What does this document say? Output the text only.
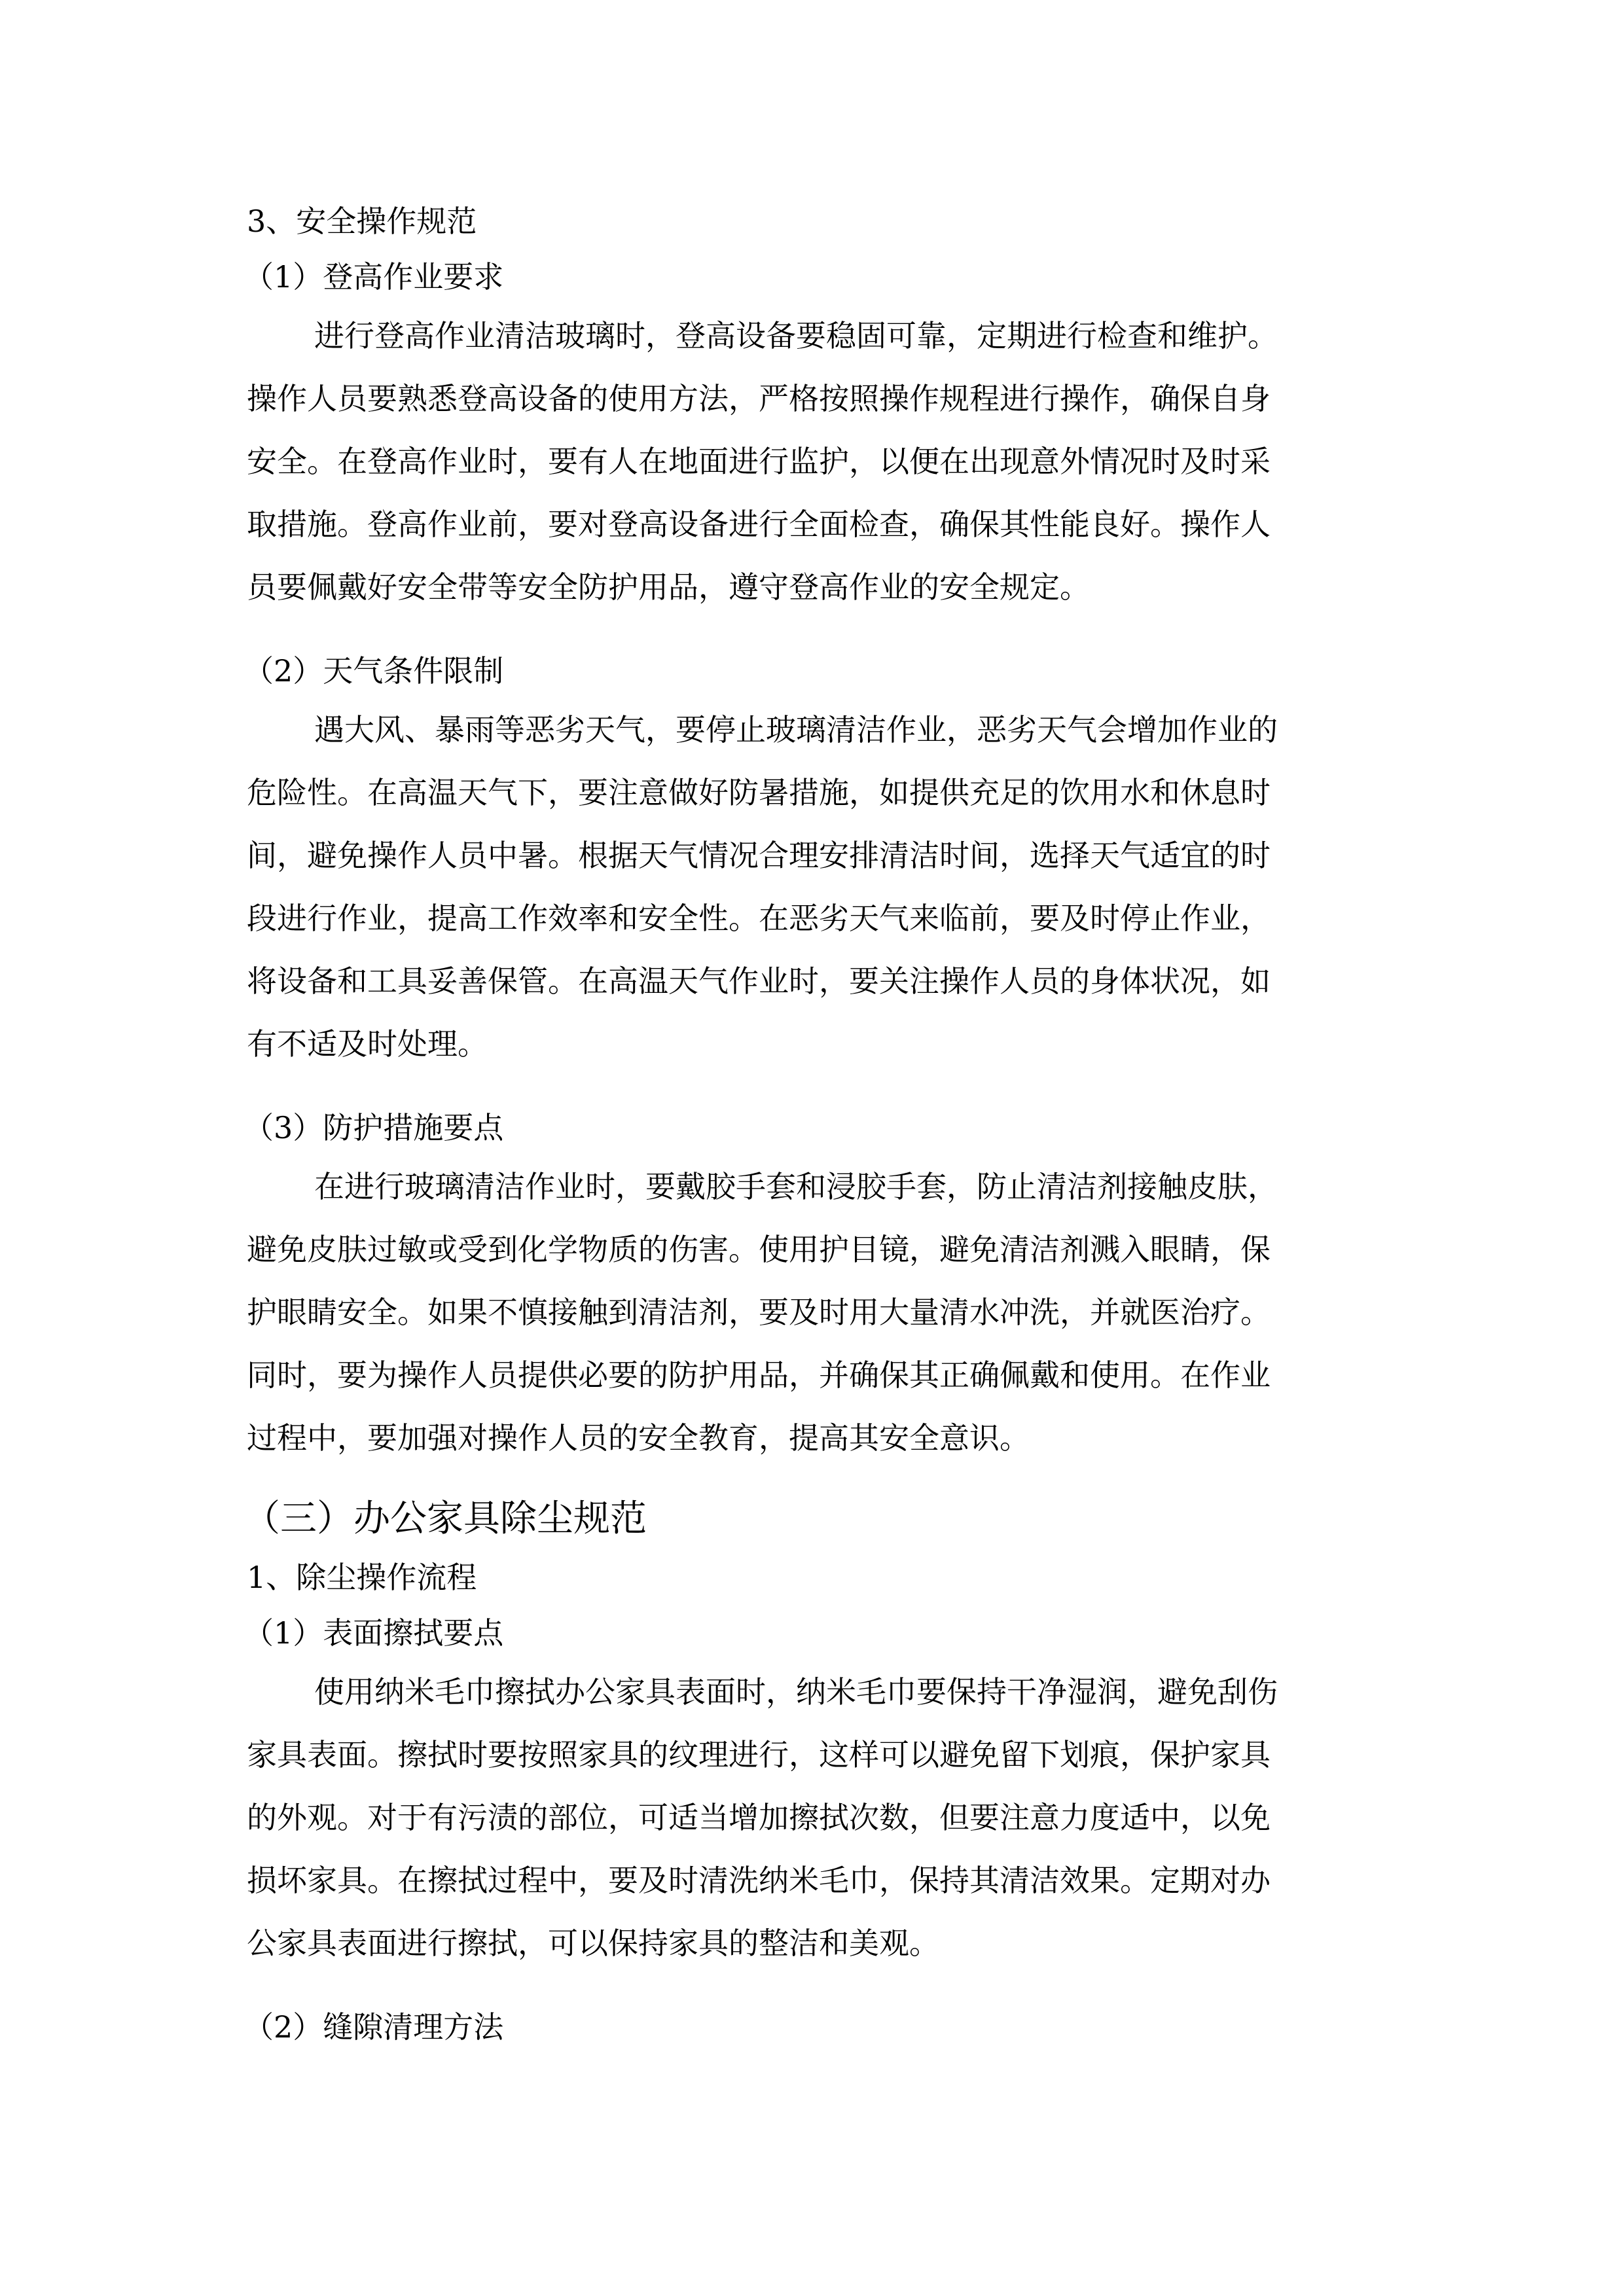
3、安全操作规范
（1）登高作业要求
进行登高作业清洁玻璃时，登高设备要稳固可靠，定期进行检查和维护。
操作人员要熟悉登高设备的使用方法，严格按照操作规程进行操作，确保自身
安全。在登高作业时，要有人在地面进行监护，以便在出现意外情况时及时采
取措施。登高作业前，要对登高设备进行全面检查，确保其性能良好。操作人
员要佩戴好安全带等安全防护用品，遵守登高作业的安全规定。
（2）天气条件限制
遇大风、暴雨等恶劣天气，要停止玻璃清洁作业，恶劣天气会增加作业的
危险性。在高温天气下，要注意做好防暑措施，如提供充足的饮用水和休息时
间，避免操作人员中暑。根据天气情况合理安排清洁时间，选择天气适宜的时
段进行作业，提高工作效率和安全性。在恶劣天气来临前，要及时停止作业，
将设备和工具妥善保管。在高温天气作业时，要关注操作人员的身体状况，如
有不适及时处理。
（3）防护措施要点
在进行玻璃清洁作业时，要戴胶手套和浸胶手套，防止清洁剂接触皮肤，
避免皮肤过敏或受到化学物质的伤害。使用护目镜，避免清洁剂溅入眼睛，保
护眼睛安全。如果不慎接触到清洁剂，要及时用大量清水冲洗，并就医治疗。
同时，要为操作人员提供必要的防护用品，并确保其正确佩戴和使用。在作业
过程中，要加强对操作人员的安全教育，提高其安全意识。
（三）办公家具除尘规范
1、除尘操作流程
（1）表面擦拭要点
使用纳米毛巾擦拭办公家具表面时，纳米毛巾要保持干净湿润，避免刮伤
家具表面。擦拭时要按照家具的纹理进行，这样可以避免留下划痕，保护家具
的外观。对于有污渍的部位，可适当增加擦拭次数，但要注意力度适中，以免
损坏家具。在擦拭过程中，要及时清洗纳米毛巾，保持其清洁效果。定期对办
公家具表面进行擦拭，可以保持家具的整洁和美观。
（2）缝隙清理方法
